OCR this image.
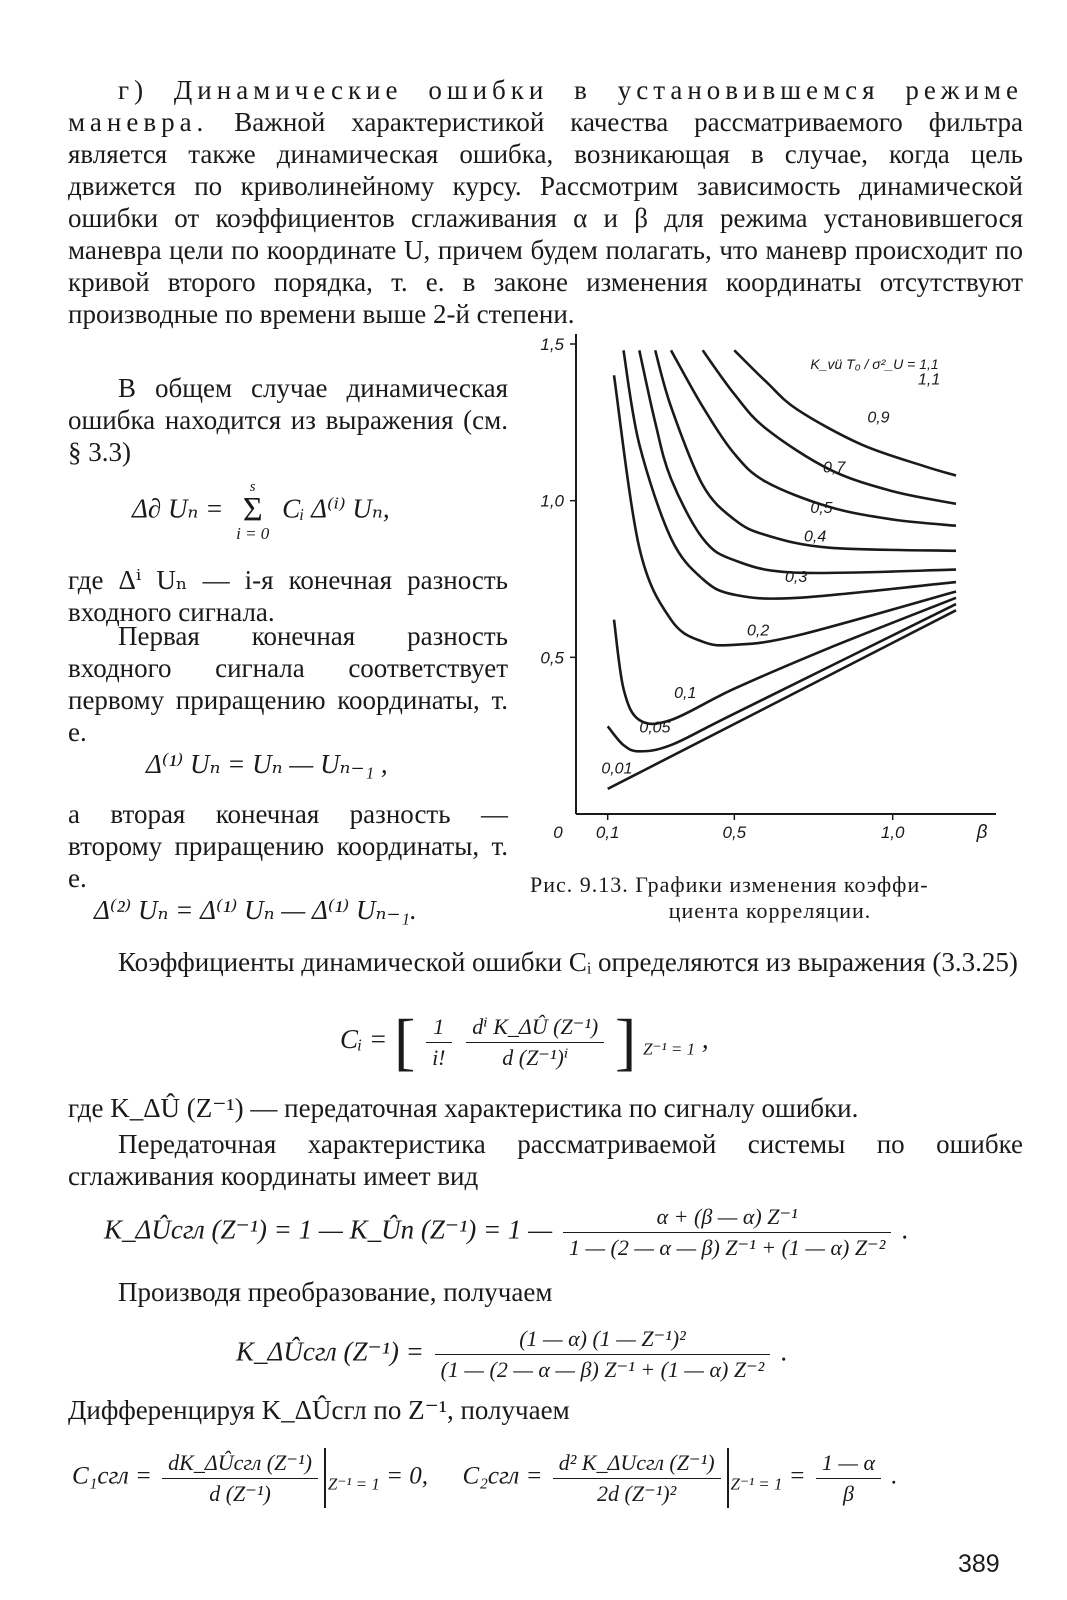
г) Динамические ошибки в установившемся режиме маневра. Важной характеристикой качества рассматриваемого фильтра является также динамическая ошибка, возникающая в случае, когда цель движется по криволинейному курсу. Рассмотрим зависимость динамической ошибки от коэффициентов сглаживания α и β для режима установившегося маневра цели по координате U, причем будем полагать, что маневр происходит по кривой второго порядка, т. е. в законе изменения координаты отсутствуют производные по времени выше 2-й степени.
В общем случае динамическая ошибка находится из выражения (см. § 3.3)
Δ∂ Uₙ =
s
Σ
i = 0
Cᵢ Δ⁽ⁱ⁾ Uₙ,
где Δⁱ Uₙ — i-я конечная разность входного сигнала.
Первая конечная разность входного сигнала соответствует первому приращению координаты, т. е.
Δ⁽¹⁾ Uₙ = Uₙ — Uₙ₋₁ ,
а вторая конечная разность — второму приращению координаты, т. е.
Δ⁽²⁾ Uₙ = Δ⁽¹⁾ Uₙ — Δ⁽¹⁾ Uₙ₋₁.
0,5
1,0
1,5
0 0,1	0,5	1,0	β
0,01
0,05
0,1
0,2
0,3
0,4
0,5
0,7
0,9
1,1
K_vü T₀ / σ²_U = 1,1
Рис. 9.13. Графики изменения коэффи-
циента корреляции.
Коэффициенты динамической ошибки Cᵢ определяются из выражения (3.3.25)
Cᵢ = [ $\frac{1}{i!}$
$\frac{\text{dⁱ K\_ΔÛ (Z⁻¹)}}{\text{d (Z⁻¹)ⁱ}}$ ] $_{Z^{-1} = 1}$ ,
где K_ΔÛ (Z⁻¹) — передаточная характеристика по сигналу ошибки.
Передаточная характеристика рассматриваемой системы по ошибке сглаживания координаты имеет вид
K_ΔÛсгл (Z⁻¹) = 1 — K_Ûn (Z⁻¹) = 1 — $\frac{\text{α + (β — α) Z⁻¹}}{\text{1 — (2 — α — β) Z⁻¹ + (1 — α) Z⁻²}}$ .
Производя преобразование, получаем
K_ΔÛсгл $(Z^{-1}) = \frac{\text{(1 — α) (1 — Z⁻¹)²}}{\text{(1 — (2 — α — β) Z⁻¹ + (1 — α) Z⁻²}}$ .
Дифференцируя K_ΔÛсгл по Z⁻¹, получаем
$C_1сгл = \frac{\text{dK\_ΔÛсгл (Z⁻¹)}}{\text{d (Z⁻¹)}} _{Z^{-1} = 1} = 0$, $C_2сгл = \frac{\text{d² K\_ΔUсгл (Z⁻¹)}}{\text{2d (Z⁻¹)²}} _{Z^{-1} = 1} = \frac{1 — \alpha}{\beta}$ .
389
